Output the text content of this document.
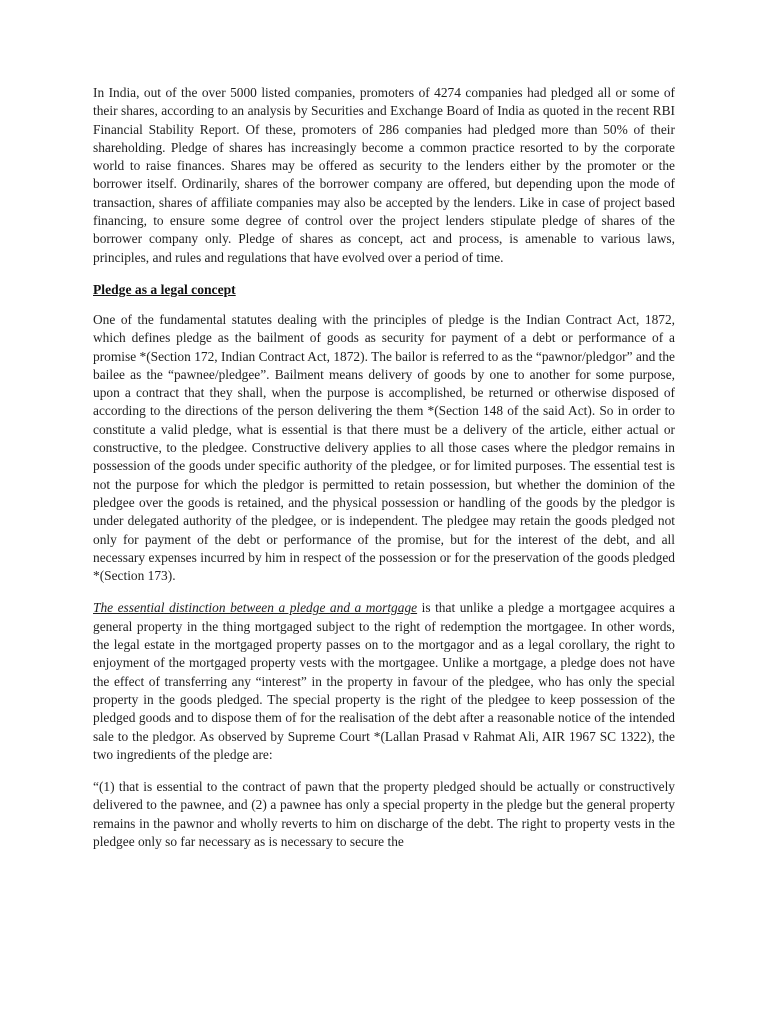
In India, out of the over 5000 listed companies, promoters of 4274 companies had pledged all or some of their shares, according to an analysis by Securities and Exchange Board of India as quoted in the recent RBI Financial Stability Report. Of these, promoters of 286 companies had pledged more than 50% of their shareholding. Pledge of shares has increasingly become a common practice resorted to by the corporate world to raise finances. Shares may be offered as security to the lenders either by the promoter or the borrower itself. Ordinarily, shares of the borrower company are offered, but depending upon the mode of transaction, shares of affiliate companies may also be accepted by the lenders. Like in case of project based financing, to ensure some degree of control over the project lenders stipulate pledge of shares of the borrower company only. Pledge of shares as concept, act and process, is amenable to various laws, principles, and rules and regulations that have evolved over a period of time.

Pledge as a legal concept

One of the fundamental statutes dealing with the principles of pledge is the Indian Contract Act, 1872, which defines pledge as the bailment of goods as security for payment of a debt or performance of a promise *(Section 172, Indian Contract Act, 1872). The bailor is referred to as the “pawnor/pledgor” and the bailee as the “pawnee/pledgee”. Bailment means delivery of goods by one to another for some purpose, upon a contract that they shall, when the purpose is accomplished, be returned or otherwise disposed of according to the directions of the person delivering the them *(Section 148 of the said Act). So in order to constitute a valid pledge, what is essential is that there must be a delivery of the article, either actual or constructive, to the pledgee. Constructive delivery applies to all those cases where the pledgor remains in possession of the goods under specific authority of the pledgee, or for limited purposes. The essential test is not the purpose for which the pledgor is permitted to retain possession, but whether the dominion of the pledgee over the goods is retained, and the physical possession or handling of the goods by the pledgor is under delegated authority of the pledgee, or is independent. The pledgee may retain the goods pledged not only for payment of the debt or performance of the promise, but for the interest of the debt, and all necessary expenses incurred by him in respect of the possession or for the preservation of the goods pledged *(Section 173).

The essential distinction between a pledge and a mortgage is that unlike a pledge a mortgagee acquires a general property in the thing mortgaged subject to the right of redemption the mortgagee. In other words, the legal estate in the mortgaged property passes on to the mortgagor and as a legal corollary, the right to enjoyment of the mortgaged property vests with the mortgagee. Unlike a mortgage, a pledge does not have the effect of transferring any “interest” in the property in favour of the pledgee, who has only the special property in the goods pledged. The special property is the right of the pledgee to keep possession of the pledged goods and to dispose them of for the realisation of the debt after a reasonable notice of the intended sale to the pledgor. As observed by Supreme Court *(Lallan Prasad v Rahmat Ali, AIR 1967 SC 1322), the two ingredients of the pledge are:

“(1) that is essential to the contract of pawn that the property pledged should be actually or constructively delivered to the pawnee, and (2) a pawnee has only a special property in the pledge but the general property remains in the pawnor and wholly reverts to him on discharge of the debt. The right to property vests in the pledgee only so far necessary as is necessary to secure the
